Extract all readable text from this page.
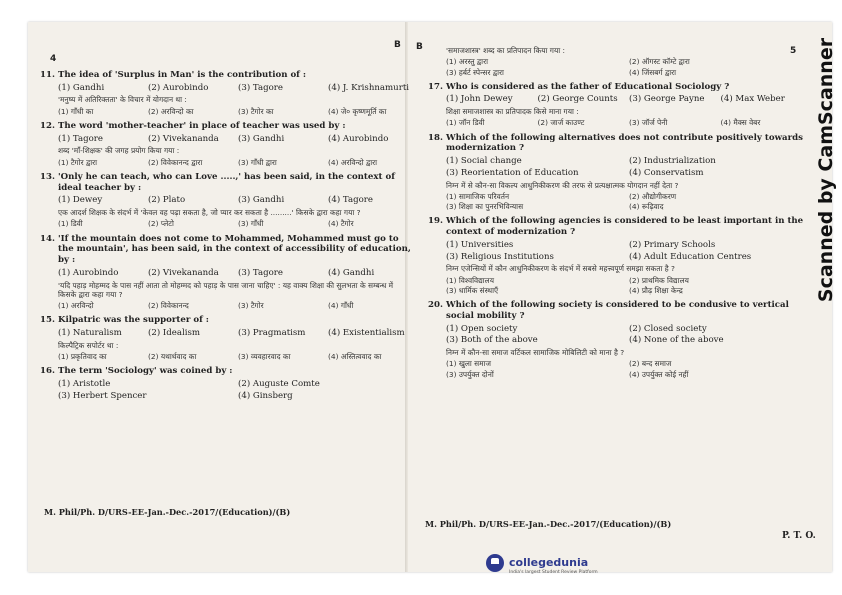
4
B
11. The idea of 'Surplus in Man' is the contribution of :
(1) Gandhi	(2) Aurobindo	(3) Tagore	(4) J. Krishnamurti
'मनुष्य में अतिरिक्तता' के विचार में योगदान था :
(1) गाँधी का	(2) अरविन्दो का	(3) टैगोर का	(4) जे० कृष्णमूर्ति का
12. The word 'mother-teacher' in place of teacher was used by :
(1) Tagore	(2) Vivekananda	(3) Gandhi	(4) Aurobindo
शब्द 'माँ-शिक्षक' की जगह प्रयोग किया गया :
(1) टैगोर द्वारा	(2) विवेकानन्द द्वारा	(3) गाँधी द्वारा	(4) अरविन्दो द्वारा
13. 'Only he can teach, who can Love .....,' has been said, in the context of ideal teacher by :
(1) Dewey	(2) Plato	(3) Gandhi	(4) Tagore
एक आदर्श शिक्षक के संदर्भ में 'केवल वह पढ़ा सकता है, जो प्यार कर सकता है .........' किसके द्वारा कहा गया ?
(1) डिवी	(2) प्लेटो	(3) गाँधी	(4) टैगोर
14. 'If the mountain does not come to Mohammed, Mohammed must go to the mountain', has been said, in the context of accessibility of education, by :
(1) Aurobindo	(2) Vivekananda	(3) Tagore	(4) Gandhi
'यदि पहाड़ मोहम्मद के पास नहीं आता तो मोहम्मद को पहाड़ के पास जाना चाहिए' : यह वाक्य शिक्षा की सुलभता के सम्बन्ध में किसके द्वारा कहा गया ?
(1) अरविन्दो	(2) विवेकानन्द	(3) टैगोर	(4) गाँधी
15. Kilpatric was the supporter of :
(1) Naturalism	(2) Idealism	(3) Pragmatism	(4) Existentialism
किल्पैट्रिक सपोर्टर था :
(1) प्रकृतिवाद का	(2) यथार्थवाद का	(3) व्यवहारवाद का	(4) अस्तित्ववाद का
16. The term 'Sociology' was coined by :
(1) Aristotle	(2) Auguste Comte
(3) Herbert Spencer	(4) Ginsberg
M. Phil/Ph. D/URS-EE-Jan.-Dec.-2017/(Education)/(B)
B	5
'समाजशास्त्र' शब्द का प्रतिपादन किया गया :
(1) अरस्तु द्वारा	(2) ऑगस्ट कॉम्टे द्वारा
(3) हर्बर्ट स्पेन्सर द्वारा	(4) जिंसबर्ग द्वारा
17. Who is considered as the father of Educational Sociology ?
(1) John Dewey	(2) George Counts	(3) George Payne	(4) Max Weber
शिक्षा समाजशास्त्र का प्रतिपादक किसे माना गया :
(1) जॉन डिवी	(2) जार्ज काउण्ट	(3) जॉर्ज पेनी	(4) मैक्स वेबर
18. Which of the following alternatives does not contribute positively towards modernization ?
(1) Social change	(2) Industrialization
(3) Reorientation of Education	(4) Conservatism
निम्न में से कौन-सा विकल्प आधुनिकीकरण की तरफ से प्रत्यक्षात्मक योगदान नहीं देता ?
(1) सामाजिक परिवर्तन	(2) औद्योगीकरण
(3) शिक्षा का पुनरभिविन्यास	(4) रूढ़िवाद
19. Which of the following agencies is considered to be least important in the context of modernization ?
(1) Universities	(2) Primary Schools
(3) Religious Institutions	(4) Adult Education Centres
निम्न एजेन्सियों में कौन आधुनिकीकरण के संदर्भ में सबसे महत्त्वपूर्ण समझा सकता है ?
(1) विश्वविद्यालय	(2) प्राथमिक विद्यालय
(3) धार्मिक संस्थाएँ	(4) प्रौढ़ शिक्षा केन्द्र
20. Which of the following society is considered to be condusive to vertical social mobility ?
(1) Open society	(2) Closed society
(3) Both of the above	(4) None of the above
निम्न में कौन-सा समाज वर्टिकल सामाजिक मोबिलिटी को माना है ?
(1) खुला समाज	(2) बन्द समाज
(3) उपर्युक्त दोनों	(4) उपर्युक्त कोई नहीं
M. Phil/Ph. D/URS-EE-Jan.-Dec.-2017/(Education)/(B)
P. T. O.
Scanned by CamScanner
collegedunia
India's largest Student Review Platform
